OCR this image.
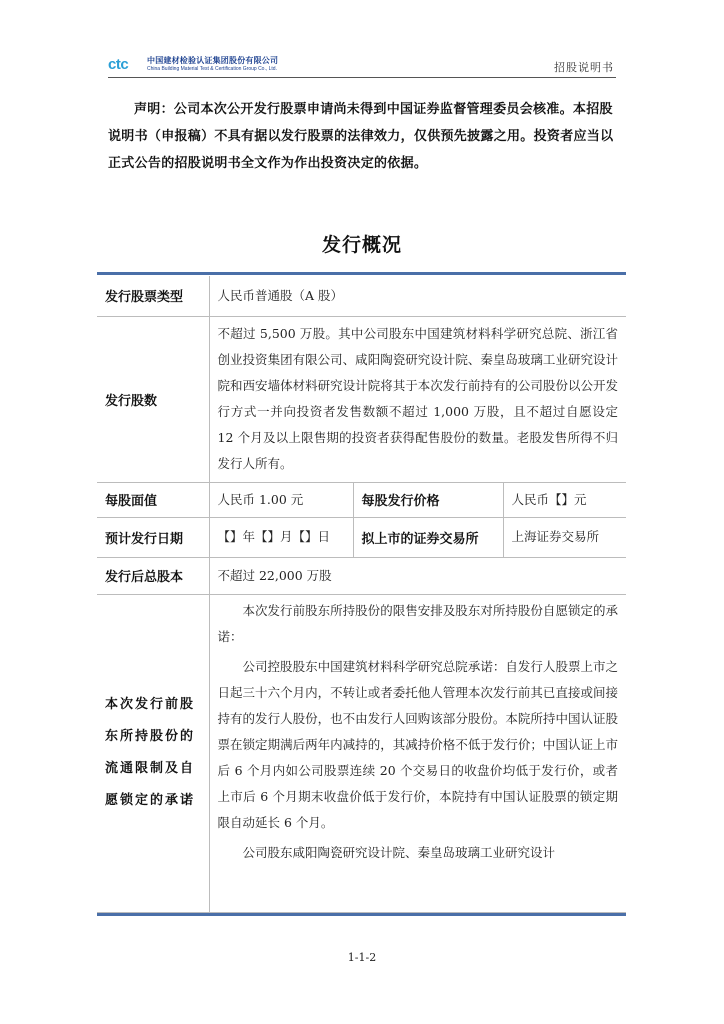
ctc 中国建材检验认证集团股份有限公司
China Building Material Test & Certification Group Co., Ltd.	招股说明书

声明：公司本次公开发行股票申请尚未得到中国证券监督管理委员会核准。本招股说明书（申报稿）不具有据以发行股票的法律效力，仅供预先披露之用。投资者应当以正式公告的招股说明书全文作为作出投资决定的依据。

发行概况
发行股票类型	人民币普通股（A 股）		
发行股数	不超过 5,500 万股。其中公司股东中国建筑材料科学研究总院、浙江省创业投资集团有限公司、咸阳陶瓷研究设计院、秦皇岛玻璃工业研究设计院和西安墙体材料研究设计院将其于本次发行前持有的公司股份以公开发行方式一并向投资者发售数额不超过 1,000 万股，且不超过自愿设定 12 个月及以上限售期的投资者获得配售股份的数量。老股发售所得不归发行人所有。		
每股面值	人民币 1.00 元	每股发行价格	人民币【】元
预计发行日期	【】年【】月【】日	拟上市的证券交易所	上海证券交易所
发行后总股本	不超过 22,000 万股		
本次发行前股东所持股份的流通限制及自愿锁定的承诺	本次发行前股东所持股份的限售安排及股东对所持股份自愿锁定的承诺：

公司控股股东中国建筑材料科学研究总院承诺：自发行人股票上市之日起三十六个月内，不转让或者委托他人管理本次发行前其已直接或间接持有的发行人股份，也不由发行人回购该部分股份。本院所持中国认证股票在锁定期满后两年内减持的，其减持价格不低于发行价；中国认证上市后 6 个月内如公司股票连续 20 个交易日的收盘价均低于发行价，或者上市后 6 个月期末收盘价低于发行价，本院持有中国认证股票的锁定期限自动延长 6 个月。

公司股东咸阳陶瓷研究设计院、秦皇岛玻璃工业研究设计		

1-1-2
